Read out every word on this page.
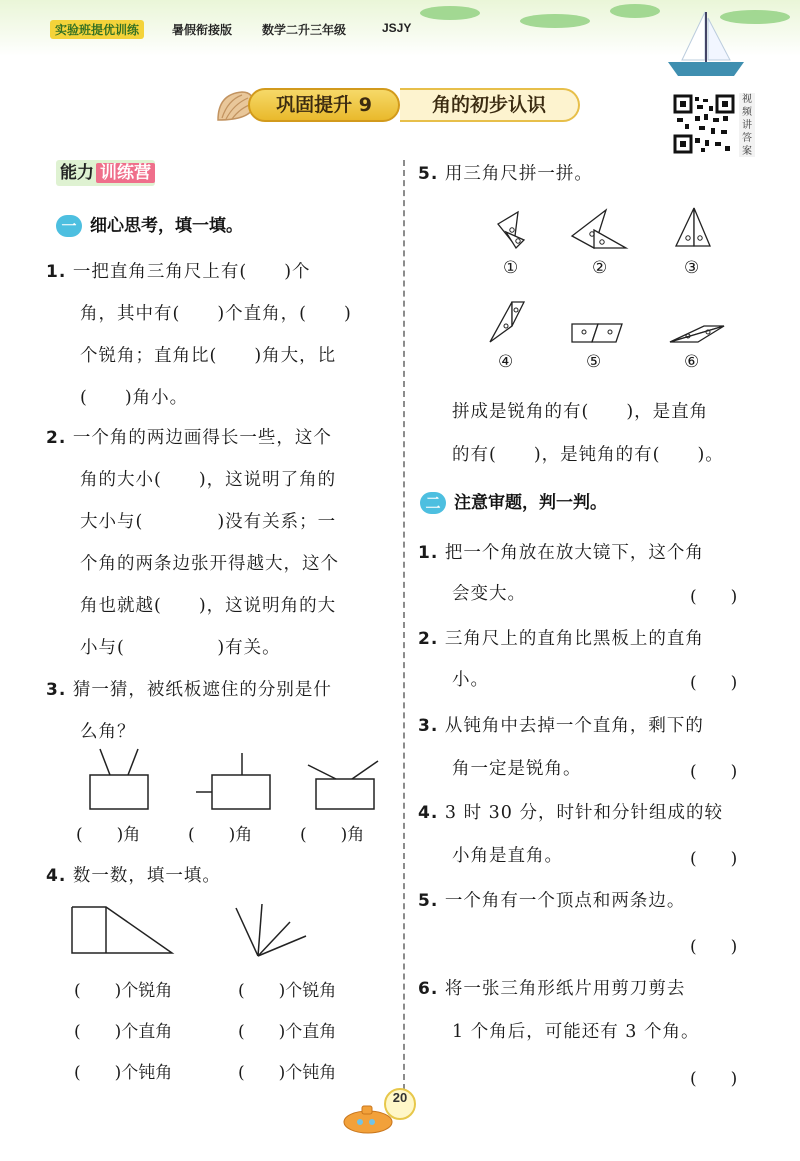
实验班提优训练	暑假衔接版 数学二升三年级	JSJY
巩固提升 9	角的初步认识	视
频
讲
答
案
能力 训练营
一 细心思考，填一填。
1. 一把直角三角尺上有(　　)个
角，其中有(　　)个直角，(　　)
个锐角；直角比(　　)角大，比
(　　)角小。
2. 一个角的两边画得长一些，这个
角的大小(　　)，这说明了角的
大小与(　　　　)没有关系；一
个角的两条边张开得越大，这个
角也就越(　　)，这说明角的大
小与(　　　　　)有关。
3. 猜一猜，被纸板遮住的分别是什
么角？
(　　)角	(　　)角	(　　)角
4. 数一数，填一填。
(　　)个锐角
(　　)个直角
(　　)个钝角
(　　)个锐角
(　　)个直角
(　　)个钝角
5. 用三角尺拼一拼。
①	②	③
④	⑤	⑥
拼成是锐角的有(　　)，是直角
的有(　　)，是钝角的有(　　)。
二 注意审题，判一判。
1. 把一个角放在放大镜下，这个角
会变大。	(　　)
2. 三角尺上的直角比黑板上的直角
小。	(　　)
3. 从钝角中去掉一个直角，剩下的
角一定是锐角。	(　　)
4. 3 时 30 分，时针和分针组成的较
小角是直角。	(　　)
5. 一个角有一个顶点和两条边。
(　　)
6. 将一张三角形纸片用剪刀剪去
1 个角后，可能还有 3 个角。
(　　)
20
